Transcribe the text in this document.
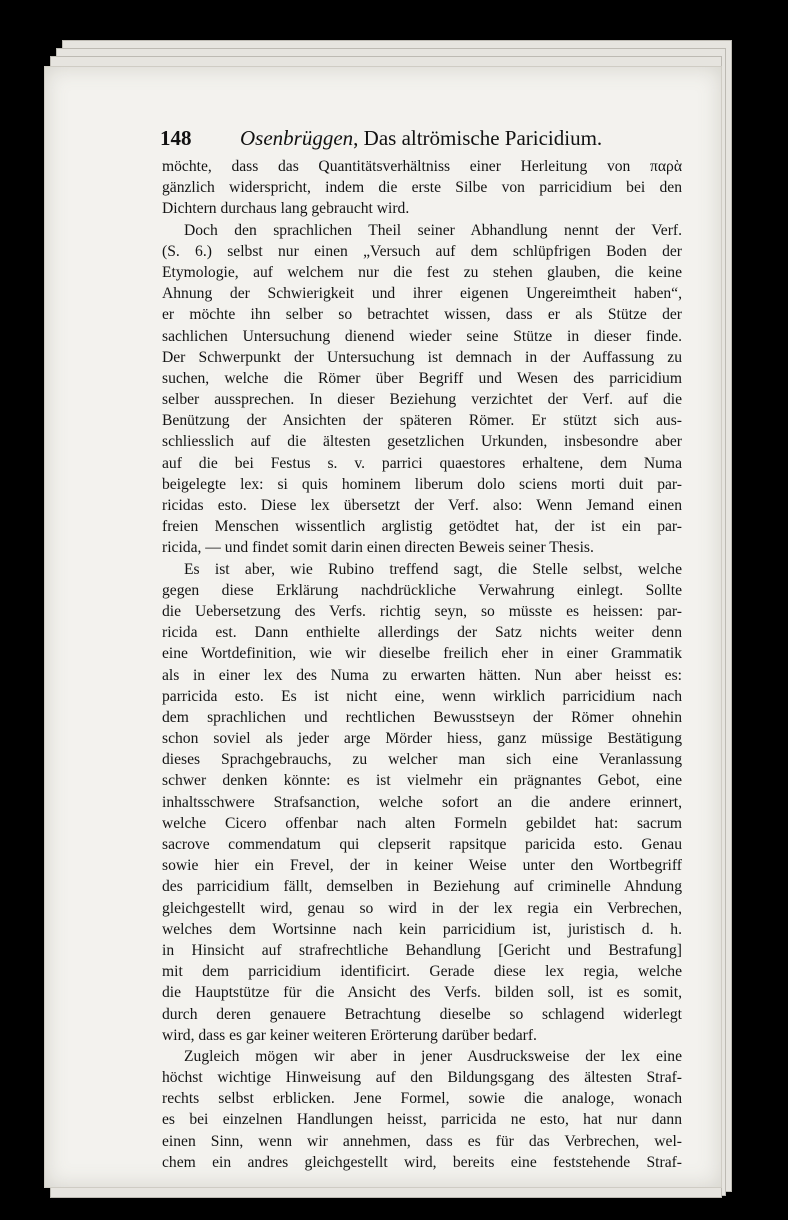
148	Osenbrüggen, Das altrömische Paricidium.
möchte, dass das Quantitätsverhältniss einer Herleitung von παρὰ
gänzlich widerspricht, indem die erste Silbe von parricidium bei den
Dichtern durchaus lang gebraucht wird.
Doch den sprachlichen Theil seiner Abhandlung nennt der Verf.
(S. 6.) selbst nur einen „Versuch auf dem schlüpfrigen Boden der
Etymologie, auf welchem nur die fest zu stehen glauben, die keine
Ahnung der Schwierigkeit und ihrer eigenen Ungereimtheit haben“,
er möchte ihn selber so betrachtet wissen, dass er als Stütze der
sachlichen Untersuchung dienend wieder seine Stütze in dieser finde.
Der Schwerpunkt der Untersuchung ist demnach in der Auffassung zu
suchen, welche die Römer über Begriff und Wesen des parricidium
selber aussprechen. In dieser Beziehung verzichtet der Verf. auf die
Benützung der Ansichten der späteren Römer. Er stützt sich aus-
schliesslich auf die ältesten gesetzlichen Urkunden, insbesondre aber
auf die bei Festus s. v. parrici quaestores erhaltene, dem Numa
beigelegte lex: si quis hominem liberum dolo sciens morti duit par-
ricidas esto. Diese lex übersetzt der Verf. also: Wenn Jemand einen
freien Menschen wissentlich arglistig getödtet hat, der ist ein par-
ricida, — und findet somit darin einen directen Beweis seiner Thesis.
Es ist aber, wie Rubino treffend sagt, die Stelle selbst, welche
gegen diese Erklärung nachdrückliche Verwahrung einlegt. Sollte
die Uebersetzung des Verfs. richtig seyn, so müsste es heissen: par-
ricida est. Dann enthielte allerdings der Satz nichts weiter denn
eine Wortdefinition, wie wir dieselbe freilich eher in einer Grammatik
als in einer lex des Numa zu erwarten hätten. Nun aber heisst es:
parricida esto. Es ist nicht eine, wenn wirklich parricidium nach
dem sprachlichen und rechtlichen Bewusstseyn der Römer ohnehin
schon soviel als jeder arge Mörder hiess, ganz müssige Bestätigung
dieses Sprachgebrauchs, zu welcher man sich eine Veranlassung
schwer denken könnte: es ist vielmehr ein prägnantes Gebot, eine
inhaltsschwere Strafsanction, welche sofort an die andere erinnert,
welche Cicero offenbar nach alten Formeln gebildet hat: sacrum
sacrove commendatum qui clepserit rapsitque paricida esto. Genau
sowie hier ein Frevel, der in keiner Weise unter den Wortbegriff
des parricidium fällt, demselben in Beziehung auf criminelle Ahndung
gleichgestellt wird, genau so wird in der lex regia ein Verbrechen,
welches dem Wortsinne nach kein parricidium ist, juristisch d. h.
in Hinsicht auf strafrechtliche Behandlung [Gericht und Bestrafung]
mit dem parricidium identificirt. Gerade diese lex regia, welche
die Hauptstütze für die Ansicht des Verfs. bilden soll, ist es somit,
durch deren genauere Betrachtung dieselbe so schlagend widerlegt
wird, dass es gar keiner weiteren Erörterung darüber bedarf.
Zugleich mögen wir aber in jener Ausdrucksweise der lex eine
höchst wichtige Hinweisung auf den Bildungsgang des ältesten Straf-
rechts selbst erblicken. Jene Formel, sowie die analoge, wonach
es bei einzelnen Handlungen heisst, parricida ne esto, hat nur dann
einen Sinn, wenn wir annehmen, dass es für das Verbrechen, wel-
chem ein andres gleichgestellt wird, bereits eine feststehende Straf-
